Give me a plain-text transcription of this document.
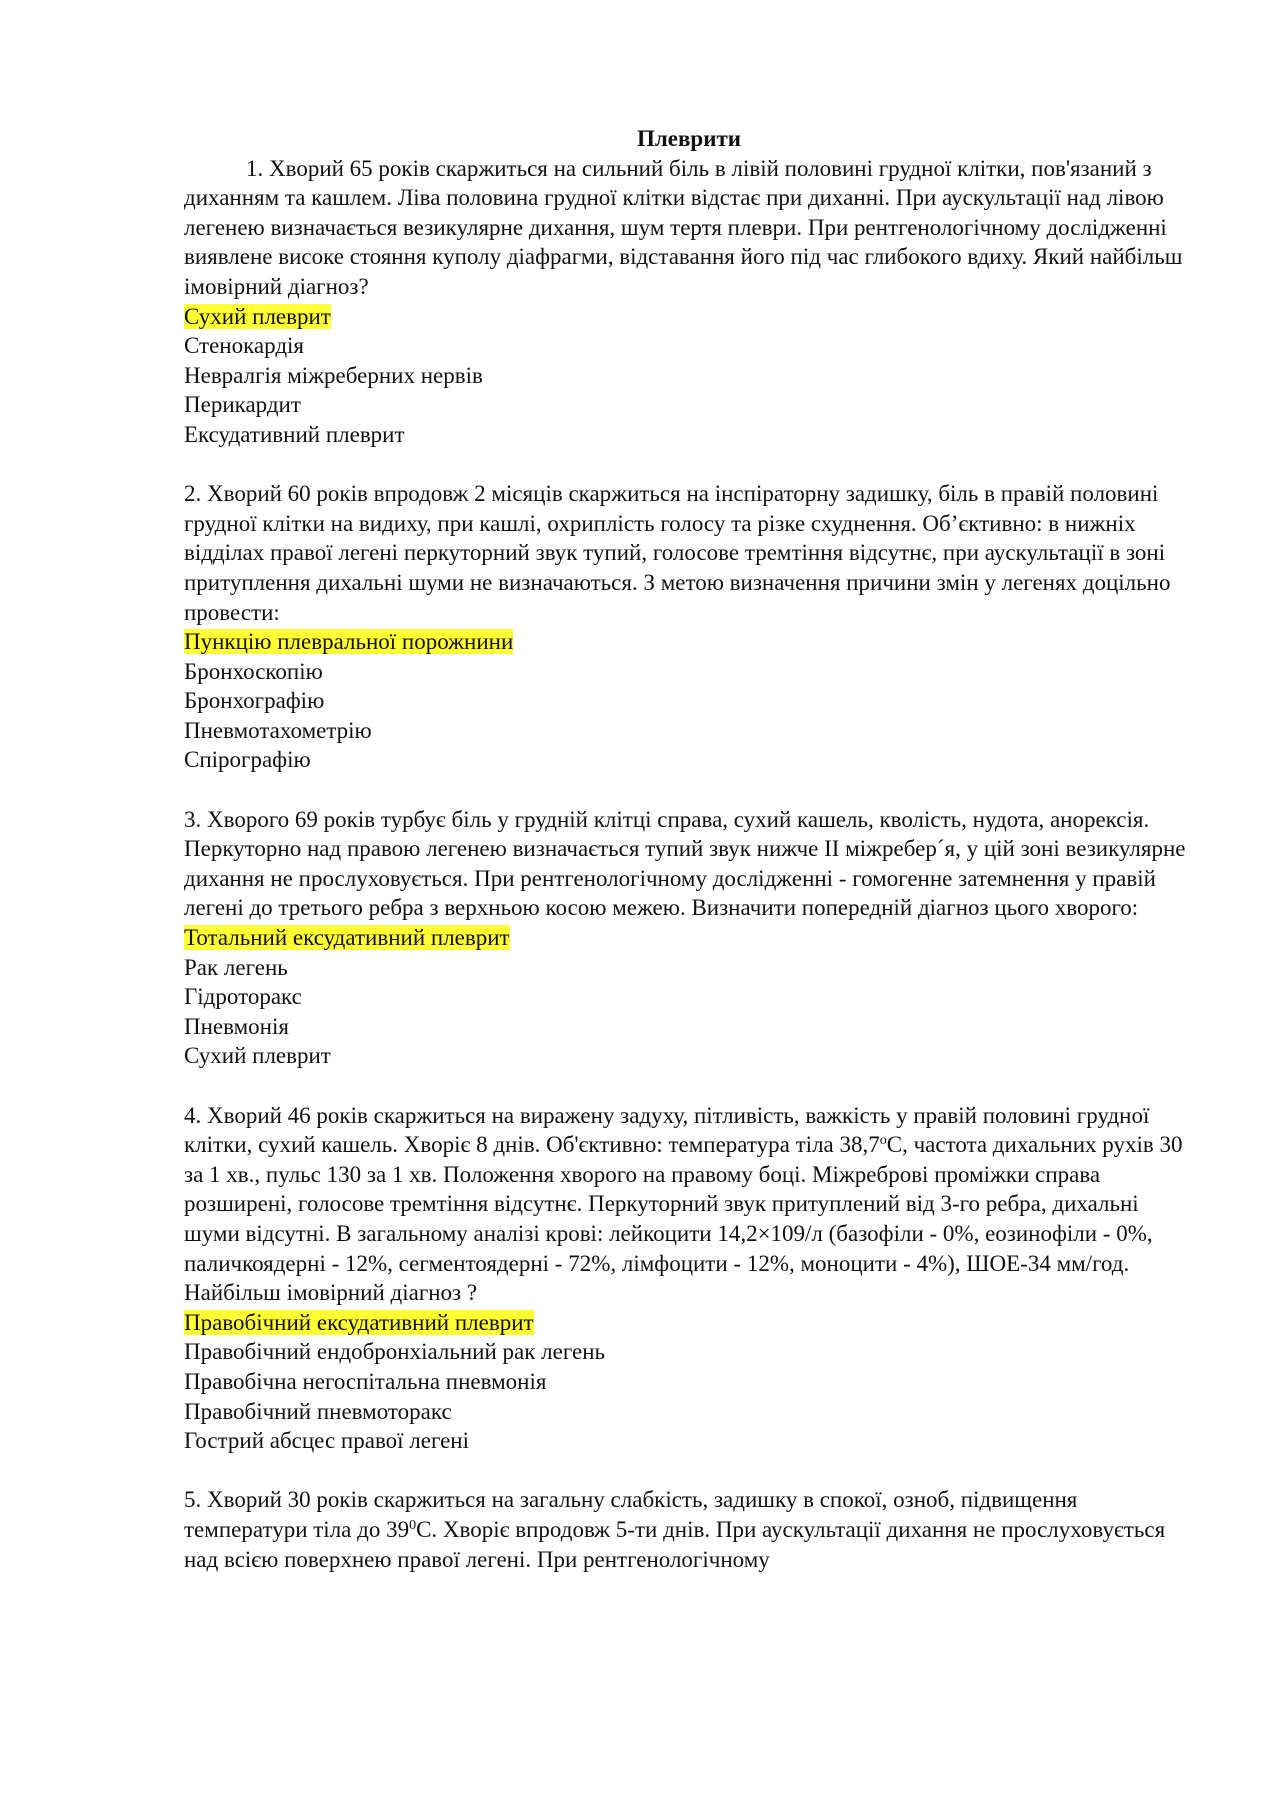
Плеврити

1. Хворий 65 років скаржиться на сильний біль в лівій половині грудної клітки, пов'язаний з диханням та кашлем. Ліва половина грудної клітки відстає при диханні. При аускультації над лівою легенею визначається везикулярне дихання, шум тертя плеври. При рентгенологічному дослідженні виявлене високе стояння куполу діафрагми, відставання його під час глибокого вдиху. Який найбільш імовірний діагноз?

Сухий плеврит
Стенокардія
Невралгія міжреберних нервів
Перикардит
Ексудативний плеврит

2. Хворий 60 років впродовж 2 місяців скаржиться на інспіраторну задишку, біль в правій половині грудної клітки на видиху, при кашлі, охриплість голосу та різке схуднення. Об’єктивно: в нижніх відділах правої легені перкуторний звук тупий, голосове тремтіння відсутнє, при аускультації в зоні притуплення дихальні шуми не визначаються. З метою визначення причини змін у легенях доцільно провести:

Пункцію плевральної порожнини
Бронхоскопію
Бронхографію
Пневмотахометрію
Спірографію

3. Хворого 69 років турбує біль у грудній клітці справа, сухий кашель, кволість, нудота, анорексія. Перкуторно над правою легенею визначається тупий звук нижче ІІ міжребер´я, у цій зоні везикулярне дихання не прослуховується. При рентгенологічному дослідженні - гомогенне затемнення у правій легені до третього ребра з верхньою косою межею. Визначити попередній діагноз цього хворого:

Тотальний ексудативний плеврит
Рак легень
Гідроторакс
Пневмонія
Сухий плеврит

4. Хворий 46 років скаржиться на виражену задуху, пітливість, важкість у правій половині грудної клітки, сухий кашель. Хворіє 8 днів. Об'єктивно: температура тіла 38,7$^o$С, частота дихальних рухів 30 за 1 хв., пульс 130 за 1 хв. Положення хворого на правому боці. Міжреброві проміжки справа розширені, голосове тремтіння відсутнє. Перкуторний звук притуплений від 3-го ребра, дихальні шуми відсутні. В загальному аналізі крові: лейкоцити 14,2×109/л (базофіли - 0%, еозинофіли - 0%, паличкоядерні - 12%, сегментоядерні - 72%, лімфоцити - 12%, моноцити - 4%), ШОЕ-34 мм/год. Найбільш імовірний діагноз ?

Правобічний ексудативний плеврит
Правобічний ендобронхіальний рак легень
Правобічна негоспітальна пневмонія
Правобічний пневмоторакс
Гострий абсцес правої легені

5. Хворий 30 років скаржиться на загальну слабкість, задишку в спокої, озноб, підвищення температури тіла до $39^0С$. Хворіє впродовж 5-ти днів. При аускультації дихання не прослуховується над всією поверхнею правої легені. При рентгенологічному
